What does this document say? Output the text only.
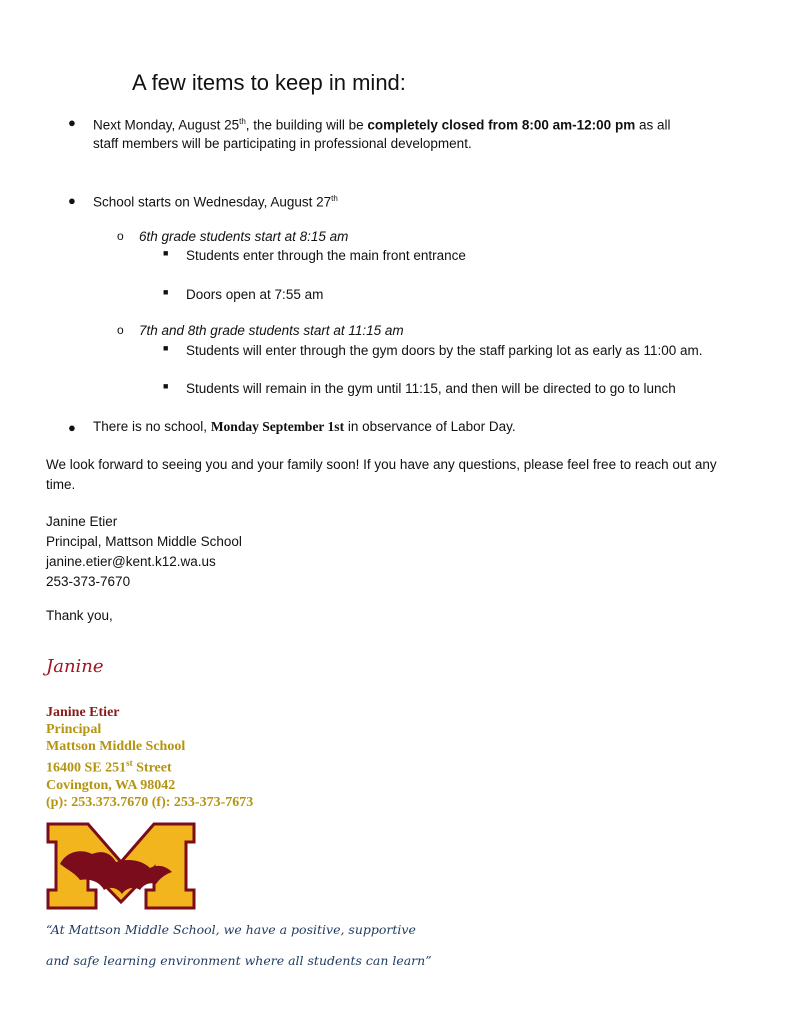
A few items to keep in mind:
● Next Monday, August 25th, the building will be completely closed from 8:00 am-12:00 pm as all
staff members will be participating in professional development.
● School starts on Wednesday, August 27th
o 6th grade students start at 8:15 am
■ Students enter through the main front entrance
■ Doors open at 7:55 am
o 7th and 8th grade students start at 11:15 am
■ Students will enter through the gym doors by the staff parking lot as early as 11:00 am.
■ Students will remain in the gym until 11:15, and then will be directed to go to lunch
● There is no school, Monday September 1st in observance of Labor Day.
We look forward to seeing you and your family soon! If you have any questions, please feel free to reach out any
time.
Janine Etier
Principal, Mattson Middle School
janine.etier@kent.k12.wa.us
253-373-7670
Thank you,
Janine
Janine Etier
Principal
Mattson Middle School
16400 SE 251st Street
Covington, WA 98042
(p): 253.373.7670 (f): 253-373-7673
“At Mattson Middle School, we have a positive, supportive
and safe learning environment where all students can learn”
